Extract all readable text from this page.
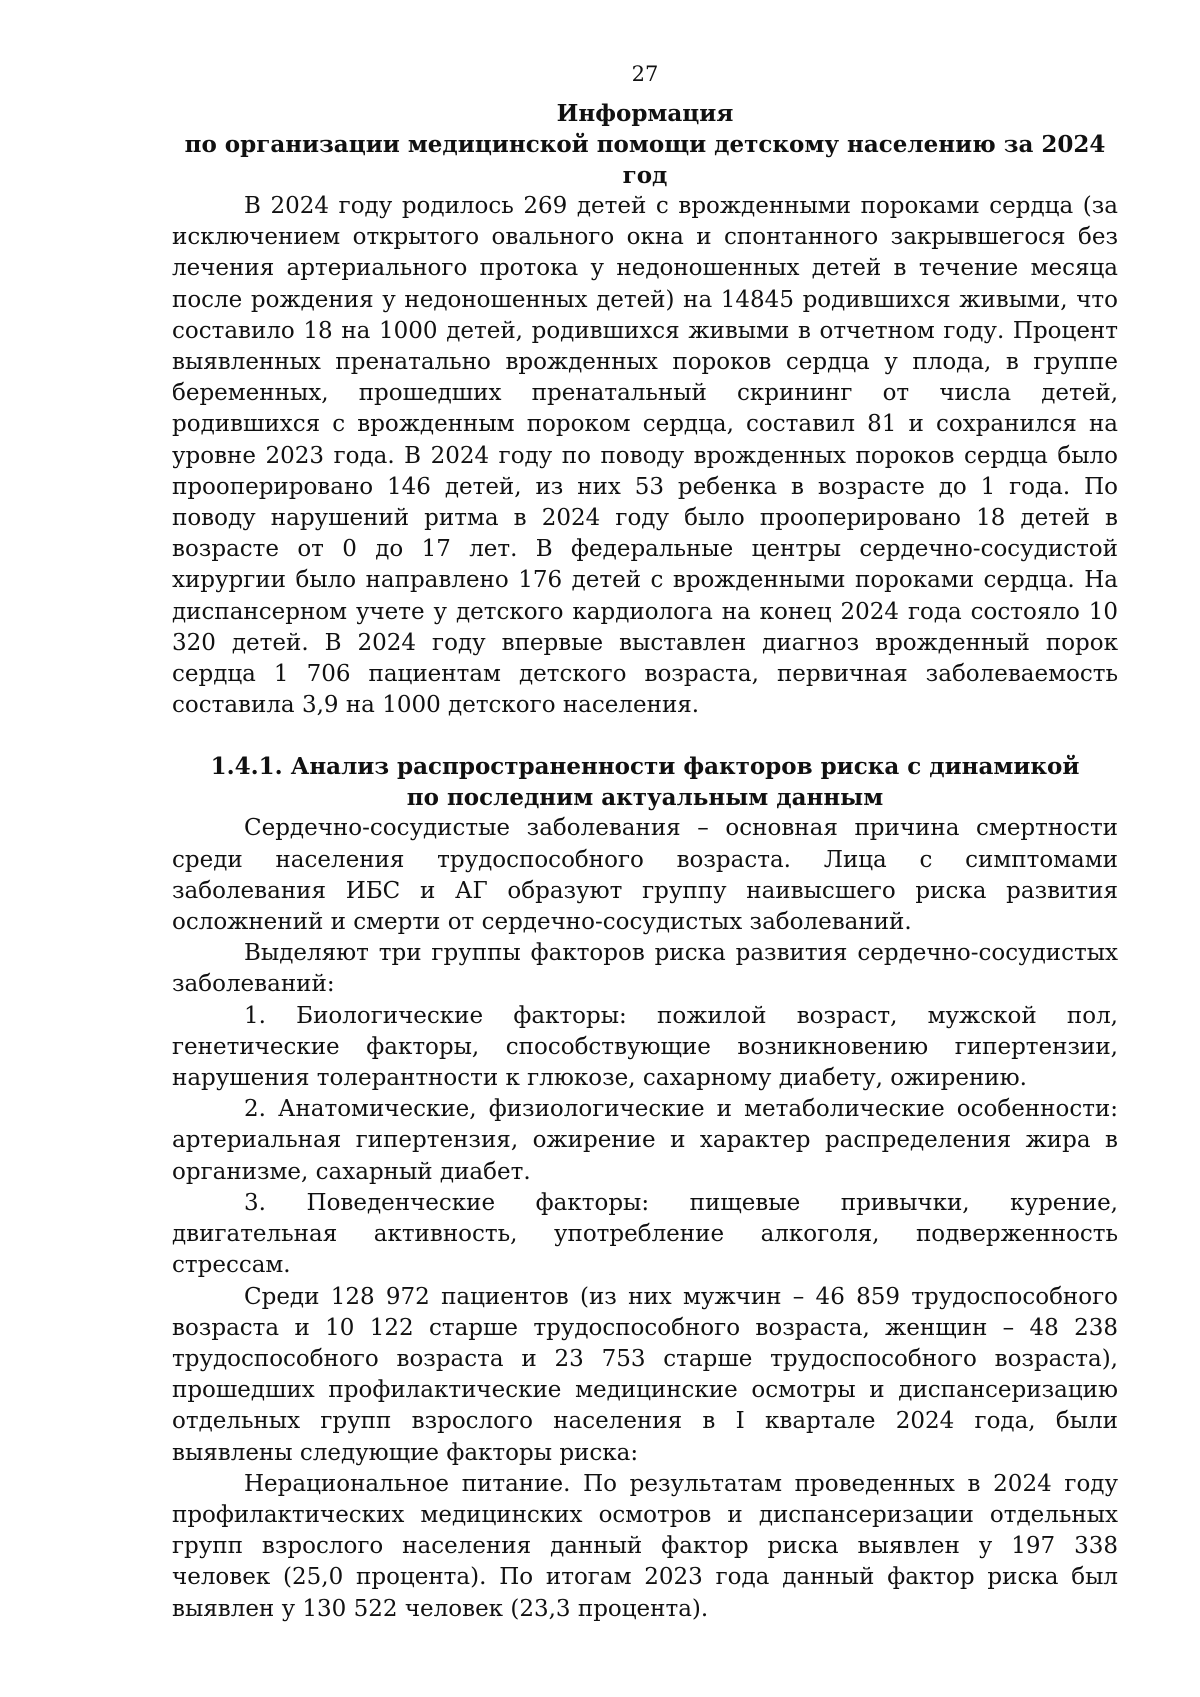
27
Информация
по организации медицинской помощи детскому населению за 2024 год

В 2024 году родилось 269 детей с врожденными пороками сердца (за исключением открытого овального окна и спонтанного закрывшегося без лечения артериального протока у недоношенных детей в течение месяца после рождения у недоношенных детей) на 14845 родившихся живыми, что составило 18 на 1000 детей, родившихся живыми в отчетном году. Процент выявленных пренатально врожденных пороков сердца у плода, в группе беременных, прошедших пренатальный скрининг от числа детей, родившихся с врожденным пороком сердца, составил 81 и сохранился на уровне 2023 года. В 2024 году по поводу врожденных пороков сердца было прооперировано 146 детей, из них 53 ребенка в возрасте до 1 года. По поводу нарушений ритма в 2024 году было прооперировано 18 детей в возрасте от 0 до 17 лет. В федеральные центры сердечно-сосудистой хирургии было направлено 176 детей с врожденными пороками сердца. На диспансерном учете у детского кардиолога на конец 2024 года состояло 10 320 детей. В 2024 году впервые выставлен диагноз врожденный порок сердца 1 706 пациентам детского возраста, первичная заболеваемость составила 3,9 на 1000 детского населения.

1.4.1. Анализ распространенности факторов риска с динамикой
по последним актуальным данным

Сердечно-сосудистые заболевания – основная причина смертности среди населения трудоспособного возраста. Лица с симптомами заболевания ИБС и АГ образуют группу наивысшего риска развития осложнений и смерти от сердечно-сосудистых заболеваний.

Выделяют три группы факторов риска развития сердечно-сосудистых заболеваний:

1. Биологические факторы: пожилой возраст, мужской пол, генетические факторы, способствующие возникновению гипертензии, нарушения толерантности к глюкозе, сахарному диабету, ожирению.

2. Анатомические, физиологические и метаболические особенности: артериальная гипертензия, ожирение и характер распределения жира в организме, сахарный диабет.

3. Поведенческие факторы: пищевые привычки, курение, двигательная активность, употребление алкоголя, подверженность стрессам.

Среди 128 972 пациентов (из них мужчин – 46 859 трудоспособного возраста и 10 122 старше трудоспособного возраста, женщин – 48 238 трудоспособного возраста и 23 753 старше трудоспособного возраста), прошедших профилактические медицинские осмотры и диспансеризацию отдельных групп взрослого населения в I квартале 2024 года, были выявлены следующие факторы риска:

Нерациональное питание. По результатам проведенных в 2024 году профилактических медицинских осмотров и диспансеризации отдельных групп взрослого населения данный фактор риска выявлен у 197 338 человек (25,0 процента). По итогам 2023 года данный фактор риска был выявлен у 130 522 человек (23,3 процента).
